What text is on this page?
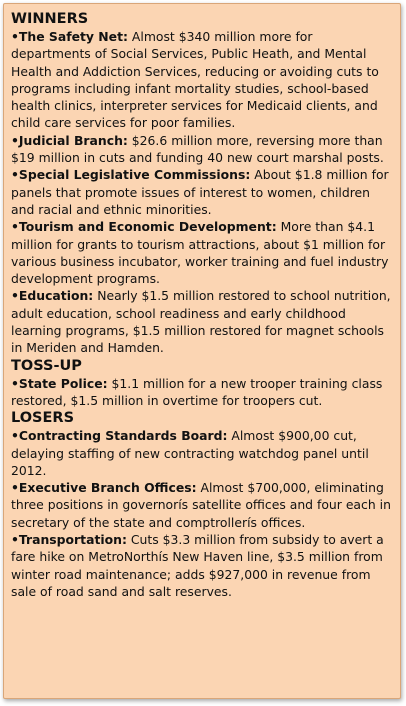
WINNERS

•The Safety Net: Almost $340 million more for departments of Social Services, Public Heath, and Mental Health and Addiction Services, reducing or avoiding cuts to programs including infant mortality studies, school-based health clinics, interpreter services for Medicaid clients, and child care services for poor families.

•Judicial Branch: $26.6 million more, reversing more than $19 million in cuts and funding 40 new court marshal posts.

•Special Legislative Commissions: About $1.8 million for panels that promote issues of interest to women, children and racial and ethnic minorities.

•Tourism and Economic Development: More than $4.1 million for grants to tourism attractions, about $1 million for various business incubator, worker training and fuel industry development programs.

•Education: Nearly $1.5 million restored to school nutrition, adult education, school readiness and early childhood learning programs, $1.5 million restored for magnet schools in Meriden and Hamden.

TOSS-UP

•State Police: $1.1 million for a new trooper training class restored, $1.5 million in overtime for troopers cut.

LOSERS

•Contracting Standards Board: Almost $900,00 cut, delaying staffing of new contracting watchdog panel until 2012.

•Executive Branch Offices: Almost $700,000, eliminating three positions in governorís satellite offices and four each in secretary of the state and comptrollerís offices.

•Transportation: Cuts $3.3 million from subsidy to avert a fare hike on MetroNorthís New Haven line, $3.5 million from winter road maintenance; adds $927,000 in revenue from sale of road sand and salt reserves.
